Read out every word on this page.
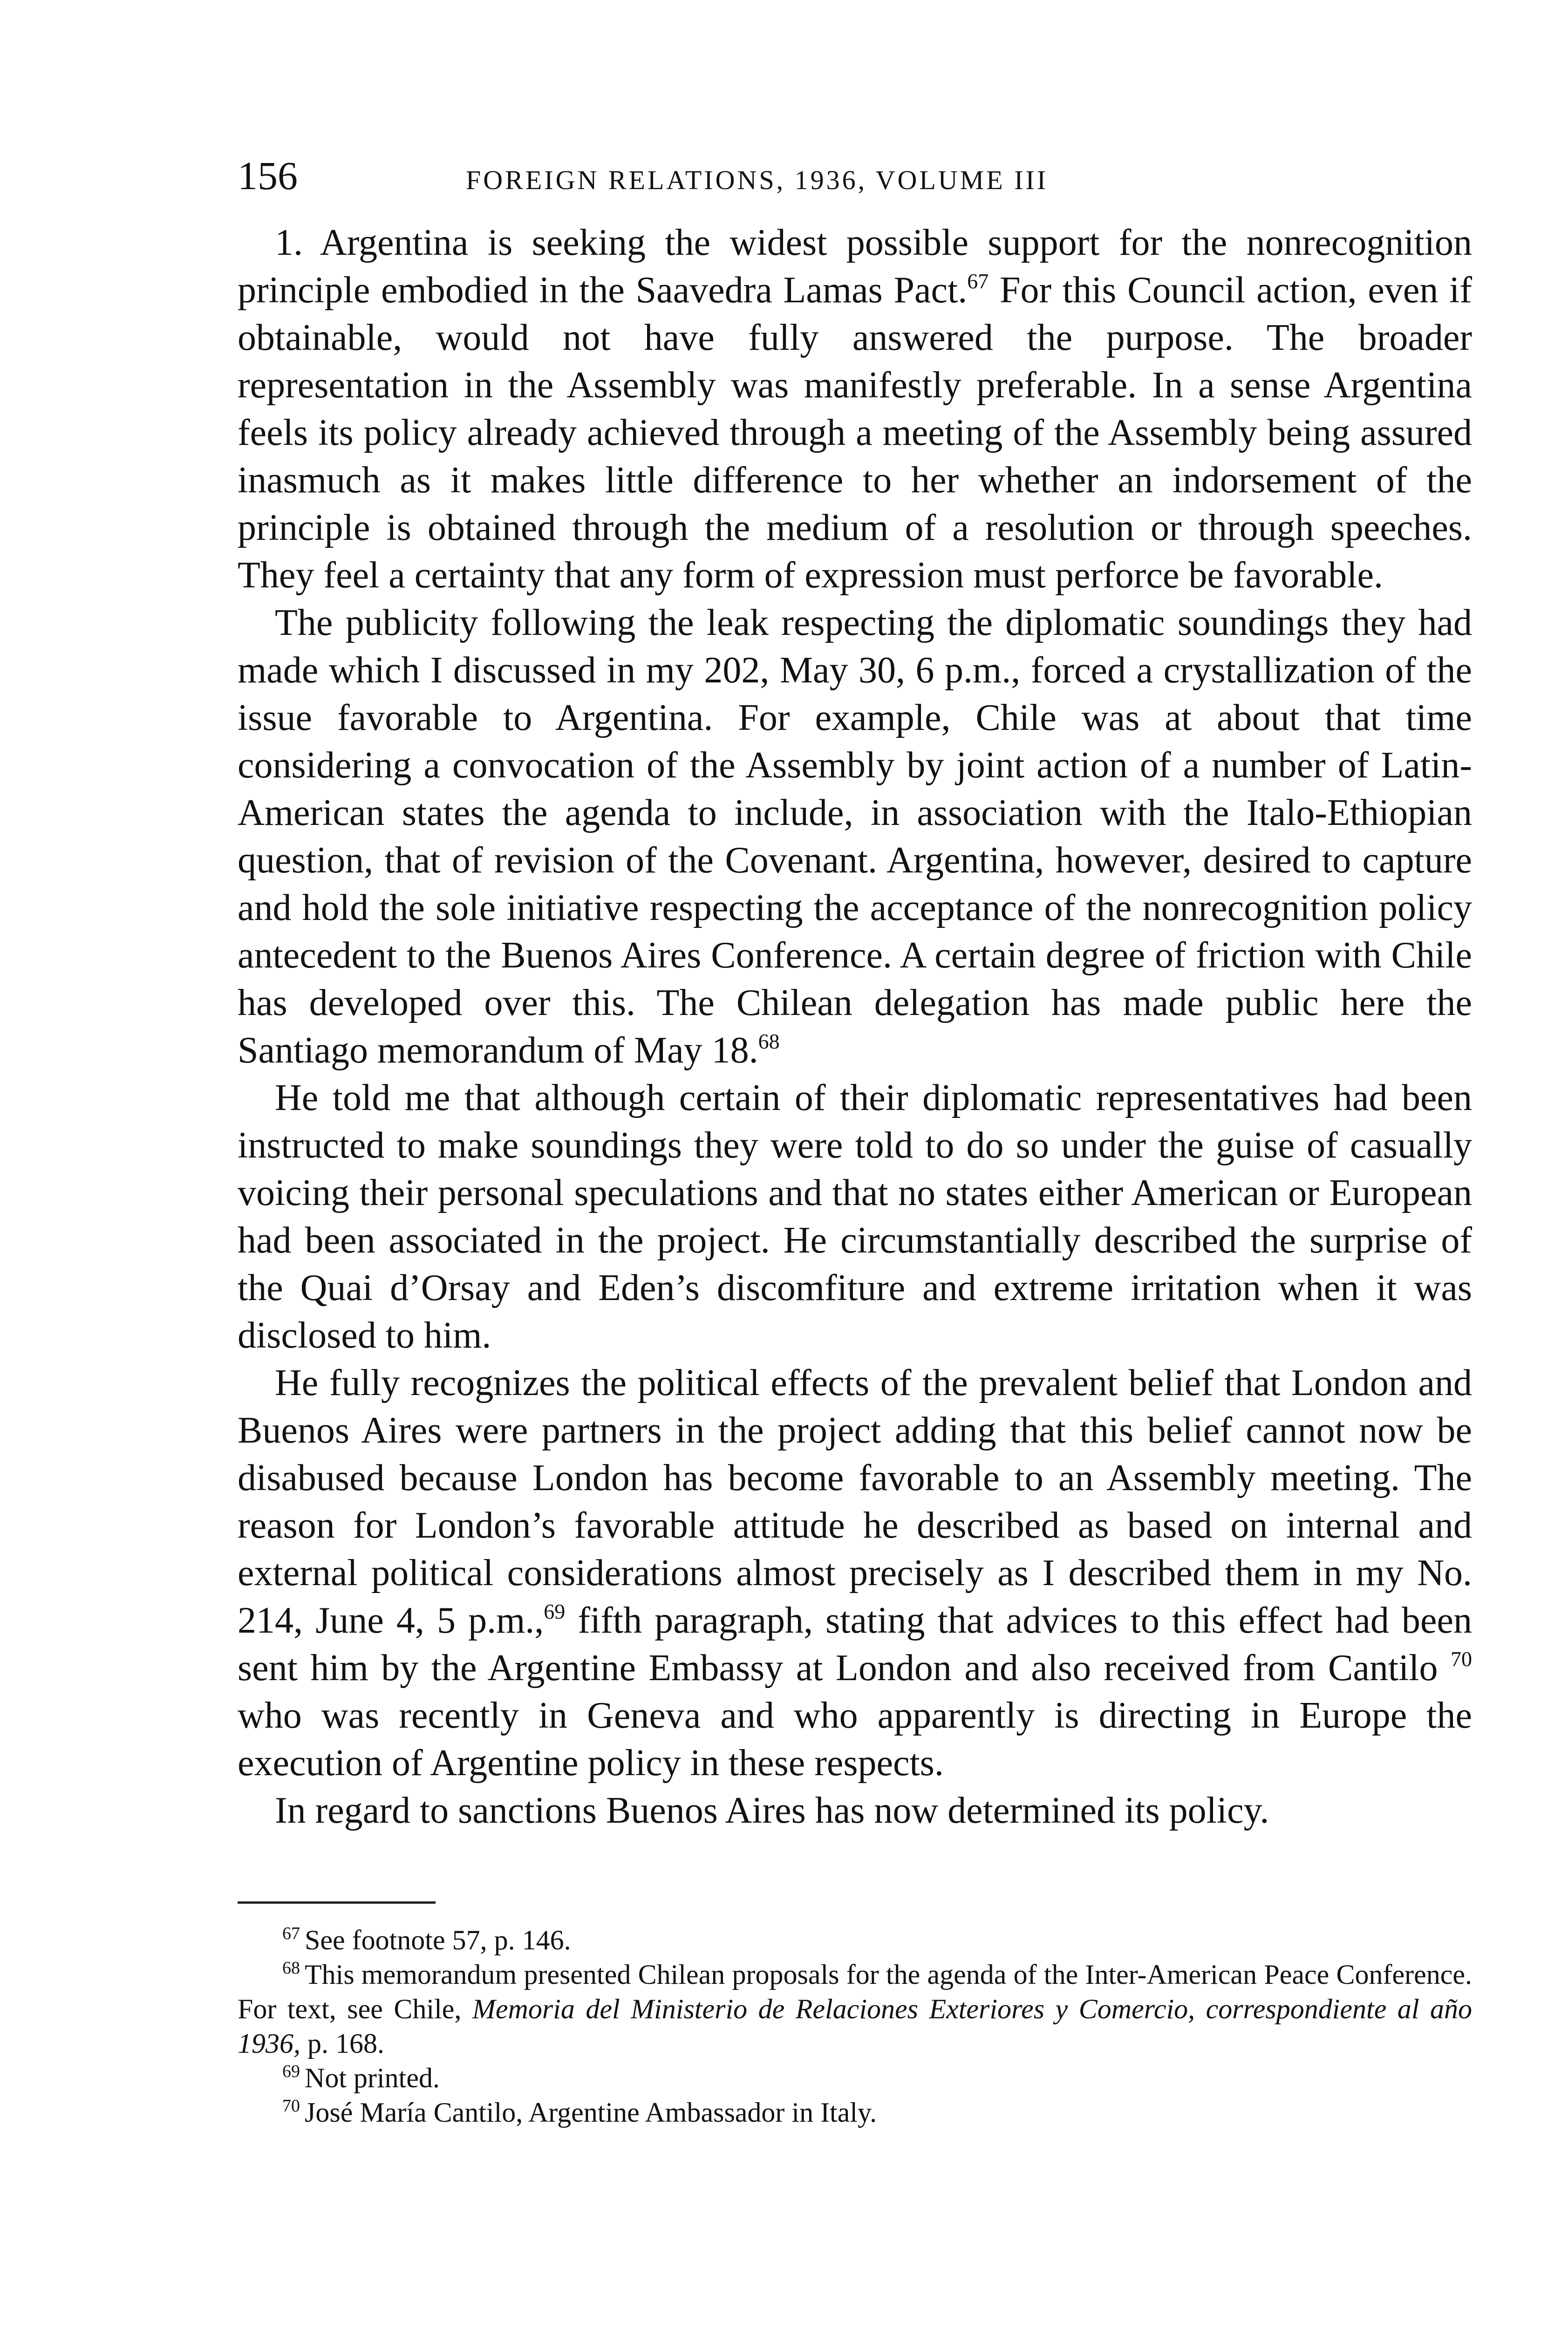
156	FOREIGN RELATIONS, 1936, VOLUME III

1. Argentina is seeking the widest possible support for the nonrecognition principle embodied in the Saavedra Lamas Pact.$^{67}$ For this Council action, even if obtainable, would not have fully answered the purpose. The broader representation in the Assembly was manifestly preferable. In a sense Argentina feels its policy already achieved through a meeting of the Assembly being assured inasmuch as it makes little difference to her whether an indorsement of the principle is obtained through the medium of a resolution or through speeches. They feel a certainty that any form of expression must perforce be favorable.

The publicity following the leak respecting the diplomatic soundings they had made which I discussed in my 202, May 30, 6 p.m., forced a crystallization of the issue favorable to Argentina. For example, Chile was at about that time considering a convocation of the Assembly by joint action of a number of Latin-American states the agenda to include, in association with the Italo-Ethiopian question, that of revision of the Covenant. Argentina, however, desired to capture and hold the sole initiative respecting the acceptance of the nonrecognition policy antecedent to the Buenos Aires Conference. A certain degree of friction with Chile has developed over this. The Chilean delegation has made public here the Santiago memorandum of May 18.68

He told me that although certain of their diplomatic representatives had been instructed to make soundings they were told to do so under the guise of casually voicing their personal speculations and that no states either American or European had been associated in the project. He circumstantially described the surprise of the Quai d’Orsay and Eden’s discomfiture and extreme irritation when it was disclosed to him.

He fully recognizes the political effects of the prevalent belief that London and Buenos Aires were partners in the project adding that this belief cannot now be disabused because London has become favorable to an Assembly meeting. The reason for London’s favorable attitude he described as based on internal and external political considerations almost precisely as I described them in my No. 214, June 4, 5 p.m.,$^{69}$ fifth paragraph, stating that advices to this effect had been sent him by the Argentine Embassy at London and also received from Cantilo $^{70}$ who was recently in Geneva and who apparently is directing in Europe the execution of Argentine policy in these respects.

In regard to sanctions Buenos Aires has now determined its policy.

$^{67}$ See footnote 57, p. 146.

$^{68}$ This memorandum presented Chilean proposals for the agenda of the Inter-American Peace Conference. For text, see Chile, Memoria del Ministerio de Relaciones Exteriores y Comercio, correspondiente al año 1936, p. 168.

$^{69}$ Not printed.

$^{70}$ José María Cantilo, Argentine Ambassador in Italy.
